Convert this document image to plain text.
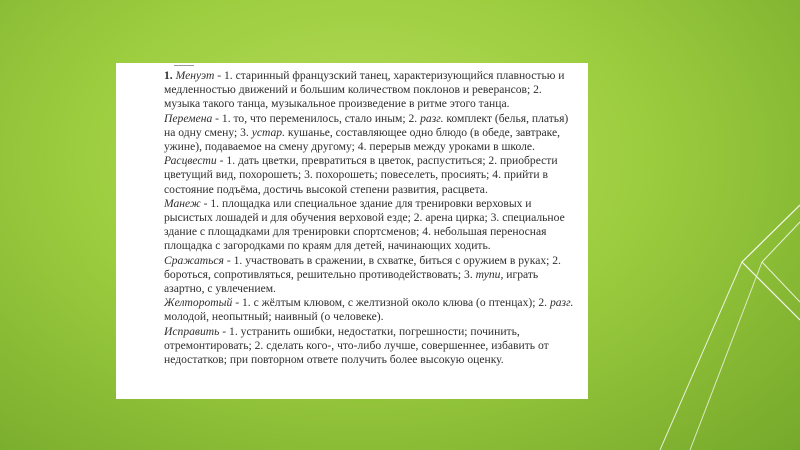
1. Менуэт - 1. старинный французский танец, характеризующийся плавностью и медленностью движений и большим количеством поклонов и реверансов; 2. музыка такого танца, музыкальное произведение в ритме этого танца.

Перемена - 1. то, что переменилось, стало иным; 2. разг. комплект (белья, платья) на одну смену; 3. устар. кушанье, составляющее одно блюдо (в обеде, завтраке, ужине), подаваемое на смену другому; 4. перерыв между уроками в школе.

Расцвести - 1. дать цветки, превратиться в цветок, распуститься; 2. приобрести цветущий вид, похорошеть; 3. похорошеть; повеселеть, просиять; 4. прийти в состояние подъёма, достичь высокой степени развития, расцвета.

Манеж - 1. площадка или специальное здание для тренировки верховых и рысистых лошадей и для обучения верховой езде; 2. арена цирка; 3. специальное здание с площадками для тренировки спортсменов; 4. небольшая переносная площадка с загородками по краям для детей, начинающих ходить.

Сражаться - 1. участвовать в сражении, в схватке, биться с оружием в руках; 2. бороться, сопротивляться, решительно противодействовать; 3. тупи, играть азартно, с увлечением.

Желторотый - 1. с жёлтым клювом, с желтизной около клюва (о птенцах); 2. разг. молодой, неопытный; наивный (о человеке).

Исправить - 1. устранить ошибки, недостатки, погрешности; починить, отремонтировать; 2. сделать кого-, что-либо лучше, совершеннее, избавить от недостатков; при повторном ответе получить более высокую оценку.
